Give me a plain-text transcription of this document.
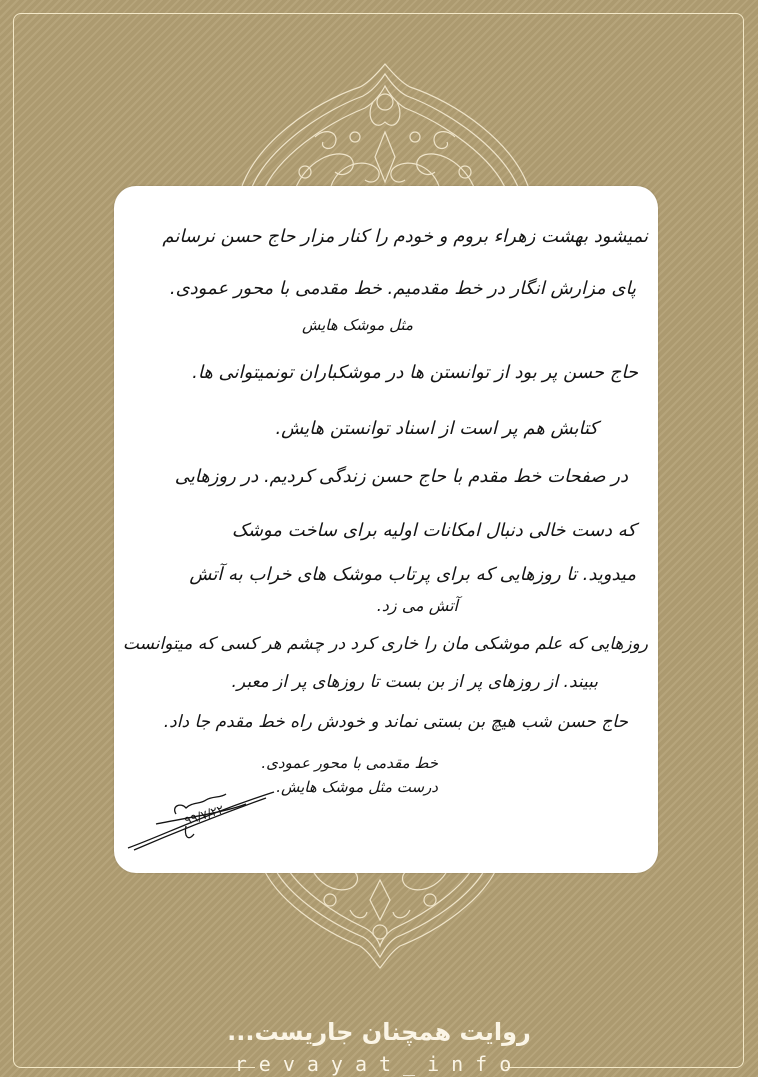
نمیشود بهشت زهراء بروم و خودم را کنار مزار حاج حسن نرسانم
پای مزارش انگار در خط مقدمیم. خط مقدمی با محور عمودی.
مثل موشک هایش
حاج حسن پر بود از توانستن ها در موشکباران تونمیتوانی ها.
کتابش هم پر است از اسناد توانستن هایش.
در صفحات خط مقدم با حاج حسن زندگی کردیم. در روزهایی
که دست خالی دنبال امکانات اولیه برای ساخت موشک
میدوید. تا روزهایی که برای پرتاب موشک های خراب به آتش
آتش می زد.
روزهایی که علم موشکی مان را خاری کرد در چشم هر کسی که میتوانست
ببیند. از روزهای پر از بن بست تا روزهای پر از معبر.
حاج حسن شب هیچ بن بستی نماند و خودش راه خط مقدم جا داد.
خط مقدمی با محور عمودی.
درست مثل موشک هایش.
۹۹/۷/۲۲
روایت همچنان جاریست...
revayat_info
